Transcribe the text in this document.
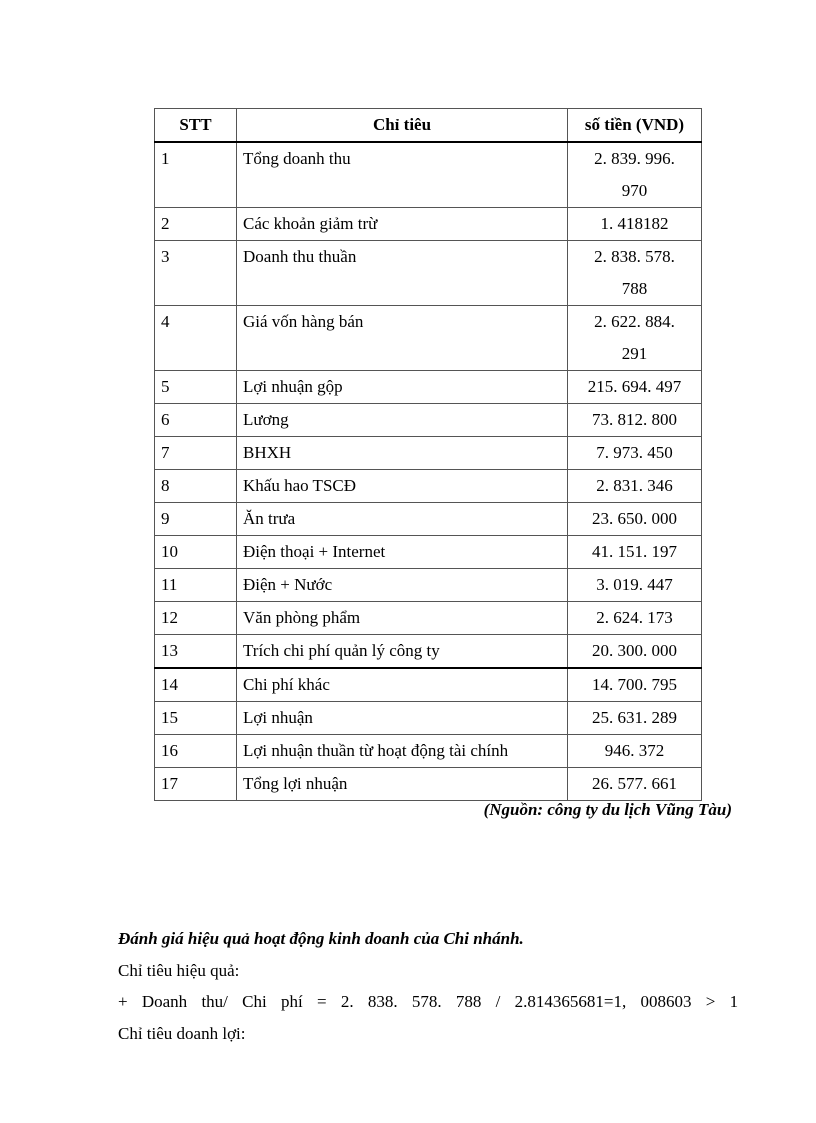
STT	Chỉ tiêu	số tiền (VND)
1	Tổng doanh thu	2. 839. 996.
970

2	Các khoản giảm trừ	1. 418182
3	Doanh thu thuần	2. 838. 578.
788

4	Giá vốn hàng bán	2. 622. 884.
291

5	Lợi nhuận gộp	215. 694. 497
6	Lương	73. 812. 800
7	BHXH	7. 973. 450
8	Khấu hao TSCĐ	2. 831. 346
9	Ăn trưa	23. 650. 000
10	Điện thoại + Internet	41. 151. 197
11	Điện + Nước	3. 019. 447
12	Văn phòng phẩm	2. 624. 173
13	Trích chi phí quản lý công ty	20. 300. 000
14	Chi phí khác	14. 700. 795
15	Lợi nhuận	25. 631. 289
16	Lợi nhuận thuần từ hoạt động tài chính	946. 372
17	Tổng lợi nhuận	26. 577. 661
(Nguồn: công ty du lịch Vũng Tàu)
Đánh giá hiệu quả hoạt động kinh doanh của Chi nhánh.
Chỉ tiêu hiệu quả:
+ Doanh thu/ Chi phí = 2. 838. 578. 788 / 2.814365681=1, 008603 > 1
Chỉ tiêu doanh lợi:
